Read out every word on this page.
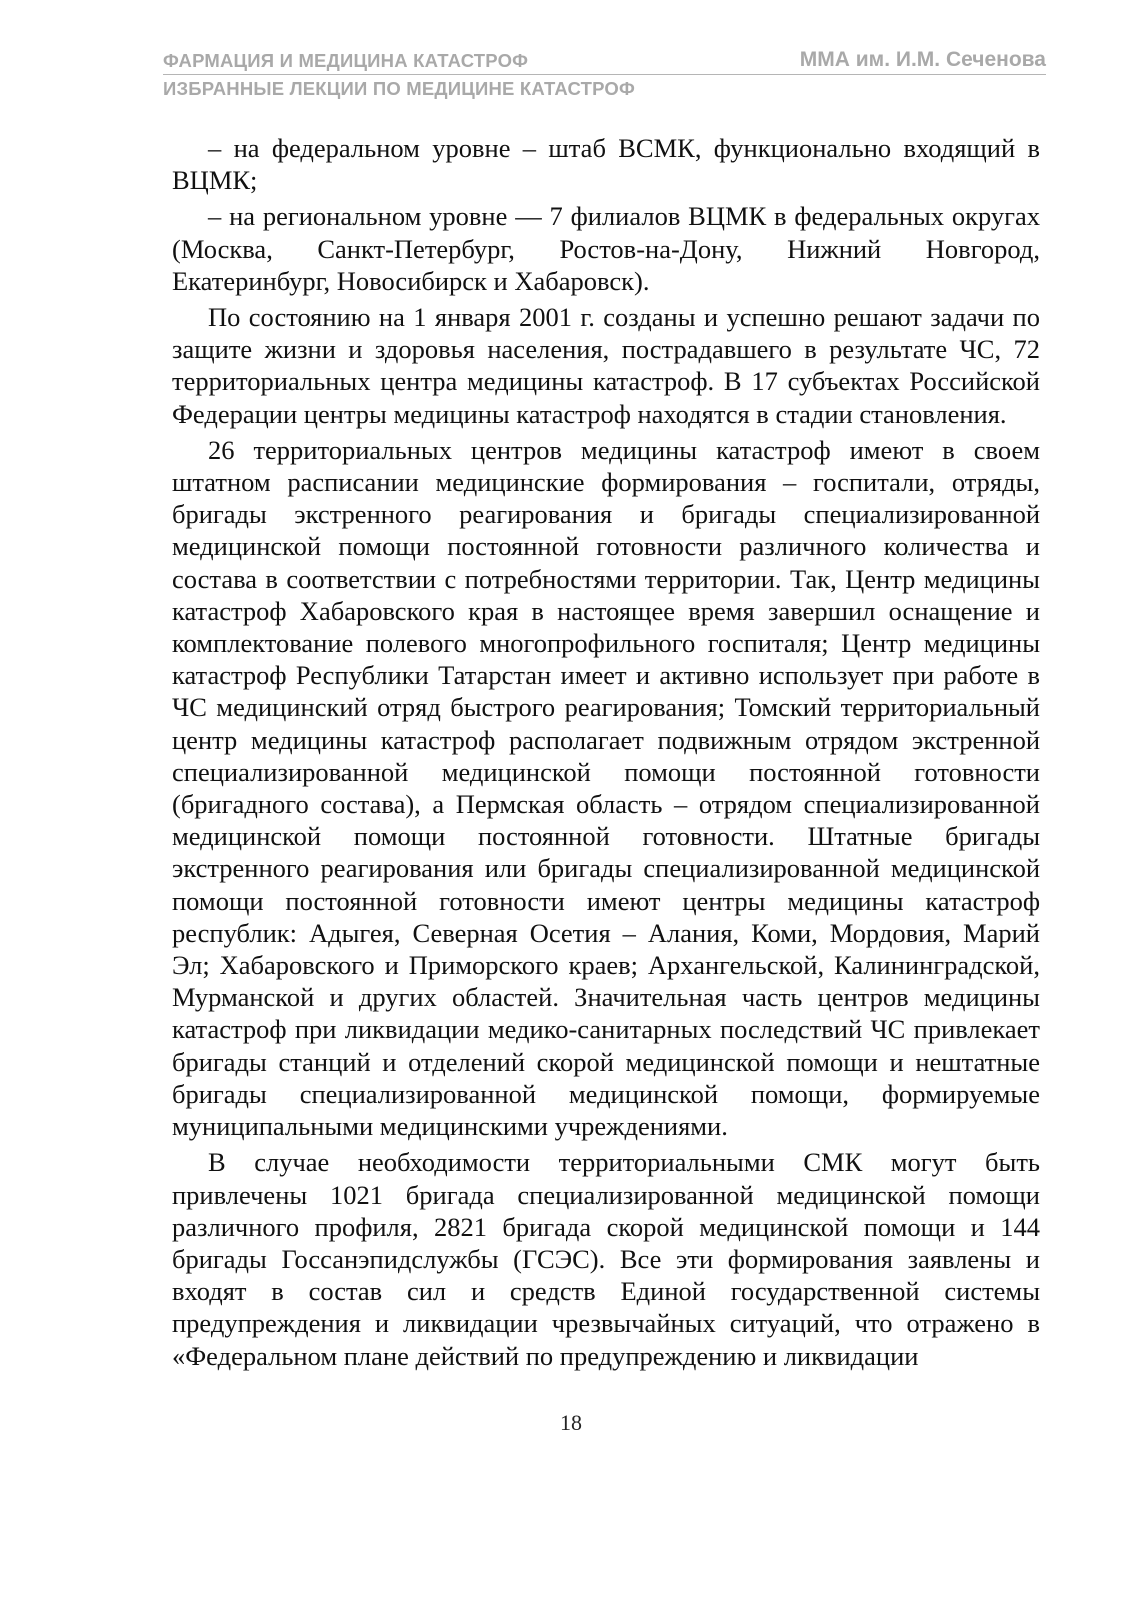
ФАРМАЦИЯ И МЕДИЦИНА КАТАСТРОФ	ММА им. И.М. Сеченова
ИЗБРАННЫЕ ЛЕКЦИИ ПО МЕДИЦИНЕ КАТАСТРОФ

– на федеральном уровне – штаб ВСМК, функционально входящий в ВЦМК;

– на региональном уровне — 7 филиалов ВЦМК в федеральных округах (Москва, Санкт-Петербург, Ростов-на-Дону, Нижний Новгород, Екатеринбург, Новосибирск и Хабаровск).

По состоянию на 1 января 2001 г. созданы и успешно решают задачи по защите жизни и здоровья населения, пострадавшего в результате ЧС, 72 территориальных центра медицины катастроф. В 17 субъектах Российской Федерации центры медицины катастроф находятся в стадии становления.

26 территориальных центров медицины катастроф имеют в своем штатном расписании медицинские формирования – госпитали, отряды, бригады экстренного реагирования и бригады специализированной медицинской помощи постоянной готовности различного количества и состава в соответствии с потребностями территории. Так, Центр медицины катастроф Хабаровского края в настоящее время завершил оснащение и комплектование полевого многопрофильного госпиталя; Центр медицины катастроф Республики Татарстан имеет и активно использует при работе в ЧС медицинский отряд быстрого реагирования; Томский территориальный центр медицины катастроф располагает подвижным отрядом экстренной специализированной медицинской помощи постоянной готовности (бригадного состава), а Пермская область – отрядом специализированной медицинской помощи постоянной готовности. Штатные бригады экстренного реагирования или бригады специализированной медицинской помощи постоянной готовности имеют центры медицины катастроф республик: Адыгея, Северная Осетия – Алания, Коми, Мордовия, Марий Эл; Хабаровского и Приморского краев; Архангельской, Калининградской, Мурманской и других областей. Значительная часть центров медицины катастроф при ликвидации медико-санитарных последствий ЧС привлекает бригады станций и отделений скорой медицинской помощи и нештатные бригады специализированной медицинской помощи, формируемые муниципальными медицинскими учреждениями.

В случае необходимости территориальными СМК могут быть привлечены 1021 бригада специализированной медицинской помощи различного профиля, 2821 бригада скорой медицинской помощи и 144 бригады Госсанэпидслужбы (ГСЭС). Все эти формирования заявлены и входят в состав сил и средств Единой государственной системы предупреждения и ликвидации чрезвычайных ситуаций, что отражено в «Федеральном плане действий по предупреждению и ликвидации

18
